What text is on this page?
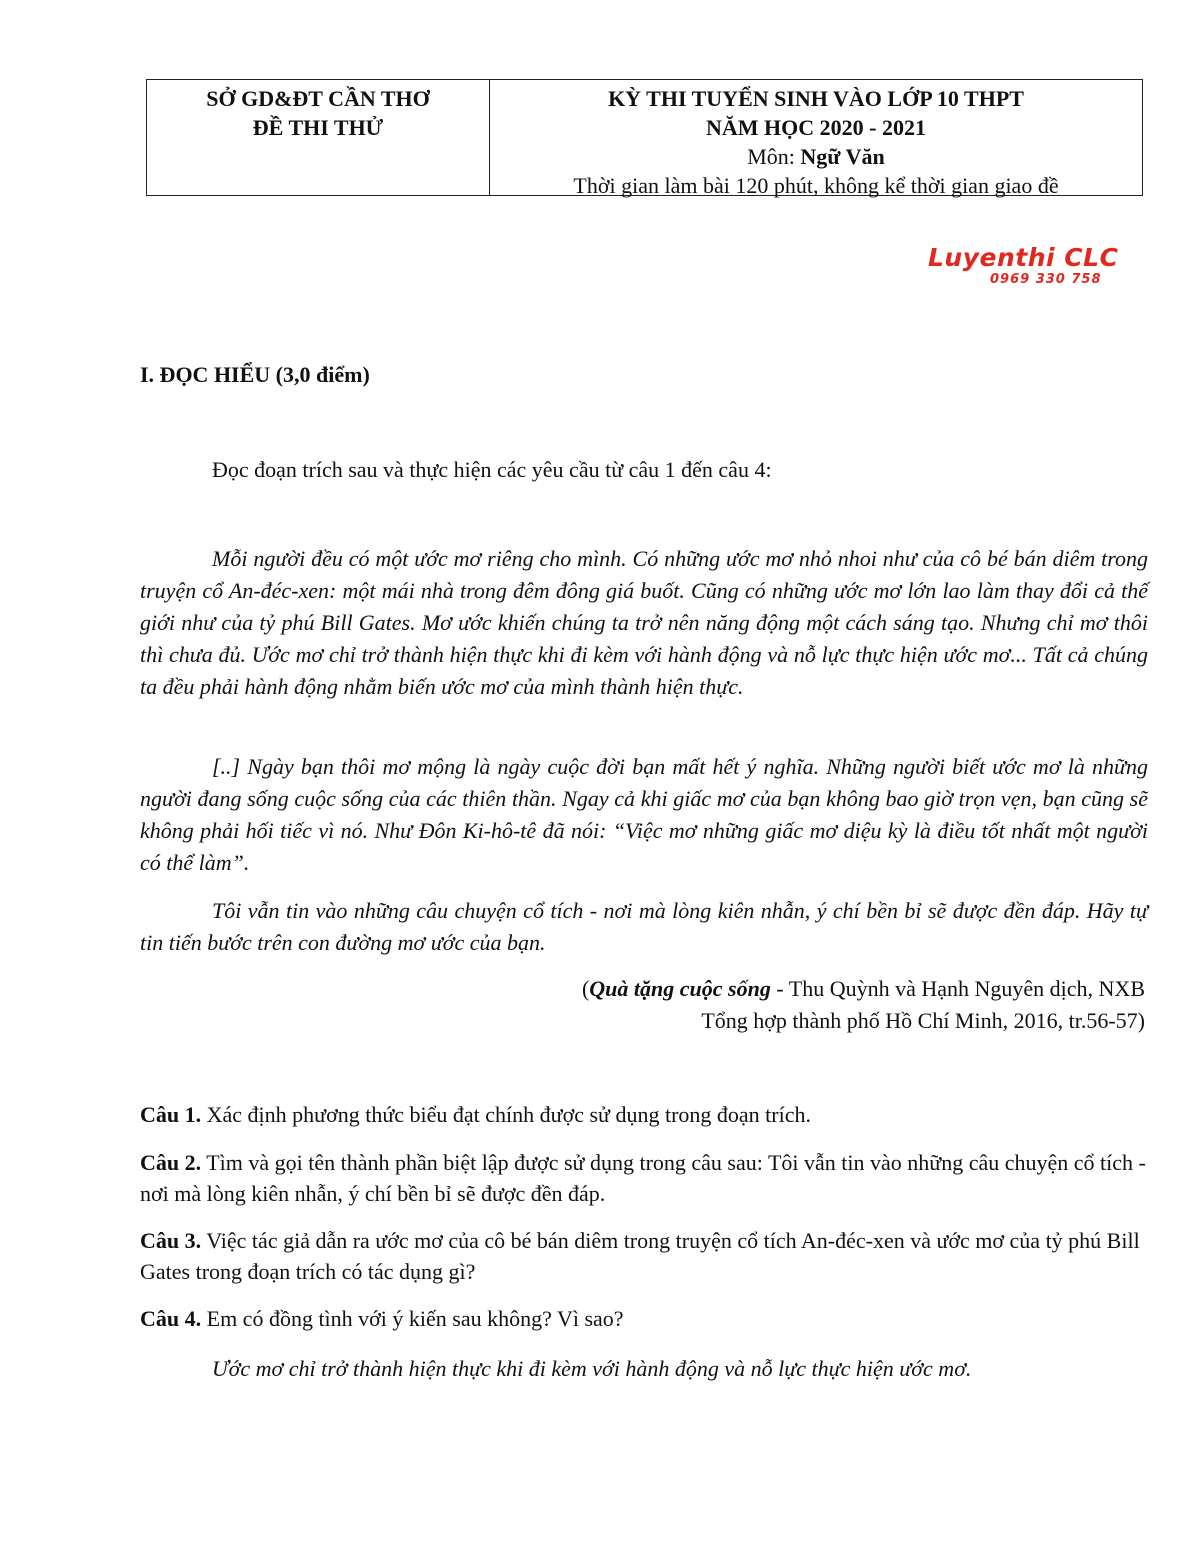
SỞ GD&ĐT CẦN THƠ
ĐỀ THI THỬ
KỲ THI TUYỂN SINH VÀO LỚP 10 THPT
NĂM HỌC 2020 - 2021
Môn: Ngữ Văn
Thời gian làm bài 120 phút, không kể thời gian giao đề
Luyenthi CLC
0969 330 758
I. ĐỌC HIỂU (3,0 điểm)
Đọc đoạn trích sau và thực hiện các yêu cầu từ câu 1 đến câu 4:
Mỗi người đều có một ước mơ riêng cho mình. Có những ước mơ nhỏ nhoi như của cô bé bán diêm trong truyện cổ An-đéc-xen: một mái nhà trong đêm đông giá buốt. Cũng có những ước mơ lớn lao làm thay đổi cả thế giới như của tỷ phú Bill Gates. Mơ ước khiến chúng ta trở nên năng động một cách sáng tạo. Nhưng chỉ mơ thôi thì chưa đủ. Ước mơ chỉ trở thành hiện thực khi đi kèm với hành động và nỗ lực thực hiện ước mơ... Tất cả chúng ta đều phải hành động nhằm biến ước mơ của mình thành hiện thực.
[..] Ngày bạn thôi mơ mộng là ngày cuộc đời bạn mất hết ý nghĩa. Những người biết ước mơ là những người đang sống cuộc sống của các thiên thần. Ngay cả khi giấc mơ của bạn không bao giờ trọn vẹn, bạn cũng sẽ không phải hối tiếc vì nó. Như Đôn Ki-hô-tê đã nói: “Việc mơ những giấc mơ diệu kỳ là điều tốt nhất một người có thể làm”.
Tôi vẫn tin vào những câu chuyện cổ tích - nơi mà lòng kiên nhẫn, ý chí bền bỉ sẽ được đền đáp. Hãy tự tin tiến bước trên con đường mơ ước của bạn.
(Quà tặng cuộc sống - Thu Quỳnh và Hạnh Nguyên dịch, NXB
Tổng hợp thành phố Hồ Chí Minh, 2016, tr.56-57)
Câu 1. Xác định phương thức biểu đạt chính được sử dụng trong đoạn trích.
Câu 2. Tìm và gọi tên thành phần biệt lập được sử dụng trong câu sau: Tôi vẫn tin vào những câu chuyện cổ tích - nơi mà lòng kiên nhẫn, ý chí bền bỉ sẽ được đền đáp.
Câu 3. Việc tác giả dẫn ra ước mơ của cô bé bán diêm trong truyện cổ tích An-đéc-xen và ước mơ của tỷ phú Bill Gates trong đoạn trích có tác dụng gì?
Câu 4. Em có đồng tình với ý kiến sau không? Vì sao?
Ước mơ chỉ trở thành hiện thực khi đi kèm với hành động và nỗ lực thực hiện ước mơ.
